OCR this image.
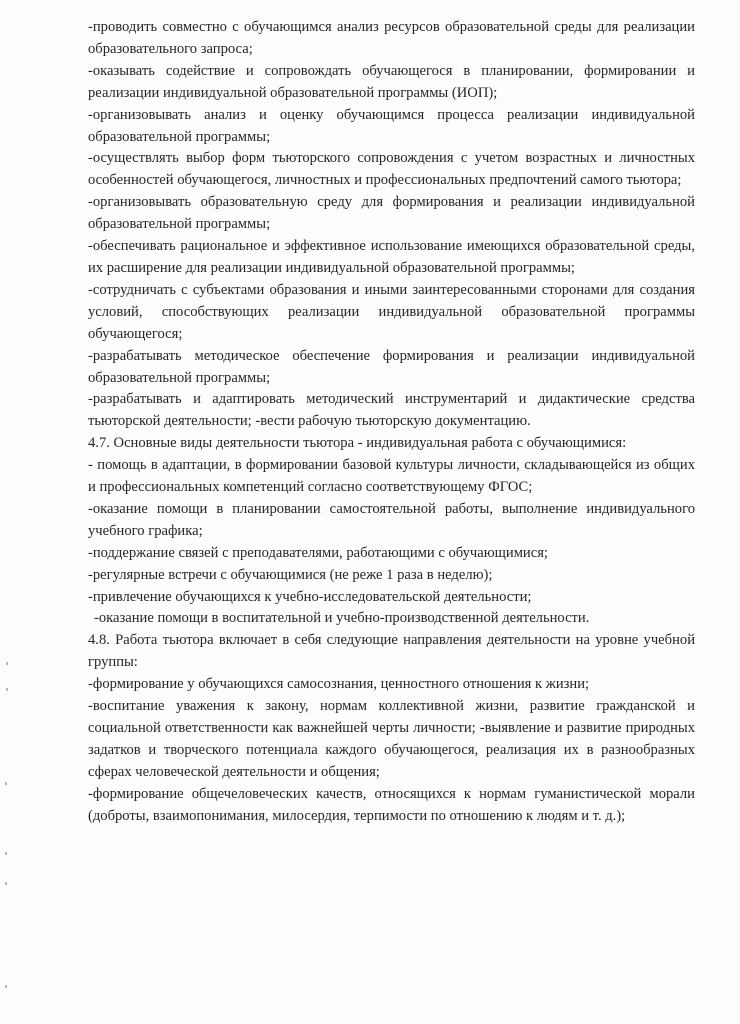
-проводить совместно с обучающимся анализ ресурсов образовательной среды для реализации образовательного запроса;

-оказывать содействие и сопровождать обучающегося в планировании, формировании и реализации индивидуальной образовательной программы (ИОП);

-организовывать анализ и оценку обучающимся процесса реализации индивидуальной образовательной программы;

-осуществлять выбор форм тьюторского сопровождения с учетом возрастных и личностных особенностей обучающегося, личностных и профессиональных предпочтений самого тьютора;

-организовывать образовательную среду для формирования и реализации индивидуальной образовательной программы;

-обеспечивать рациональное и эффективное использование имеющихся образовательной среды, их расширение для реализации индивидуальной образовательной программы;

-сотрудничать с субъектами образования и иными заинтересованными сторонами для создания условий, способствующих реализации индивидуальной образовательной программы обучающегося;

-разрабатывать методическое обеспечение формирования и реализации индивидуальной образовательной программы;

-разрабатывать и адаптировать методический инструментарий и дидактические средства тьюторской деятельности; -вести рабочую тьюторскую документацию.

4.7. Основные виды деятельности тьютора - индивидуальная работа с обучающимися:

- помощь в адаптации, в формировании базовой культуры личности, складывающейся из общих и профессиональных компетенций согласно соответствующему ФГОС;

-оказание помощи в планировании самостоятельной работы, выполнение индивидуального учебного графика;

-поддержание связей с преподавателями, работающими с обучающимися;

-регулярные встречи с обучающимися (не реже 1 раза в неделю);

-привлечение обучающихся к учебно-исследовательской деятельности;

-оказание помощи в воспитательной и учебно-производственной деятельности.

4.8. Работа тьютора включает в себя следующие направления деятельности на уровне учебной группы:

-формирование у обучающихся самосознания, ценностного отношения к жизни;

-воспитание уважения к закону, нормам коллективной жизни, развитие гражданской и социальной ответственности как важнейшей черты личности; -выявление и развитие природных задатков и творческого потенциала каждого обучающегося, реализация их в разнообразных сферах человеческой деятельности и общения;

-формирование общечеловеческих качеств, относящихся к нормам гуманистической морали (доброты, взаимопонимания, милосердия, терпимости по отношению к людям и т. д.);
